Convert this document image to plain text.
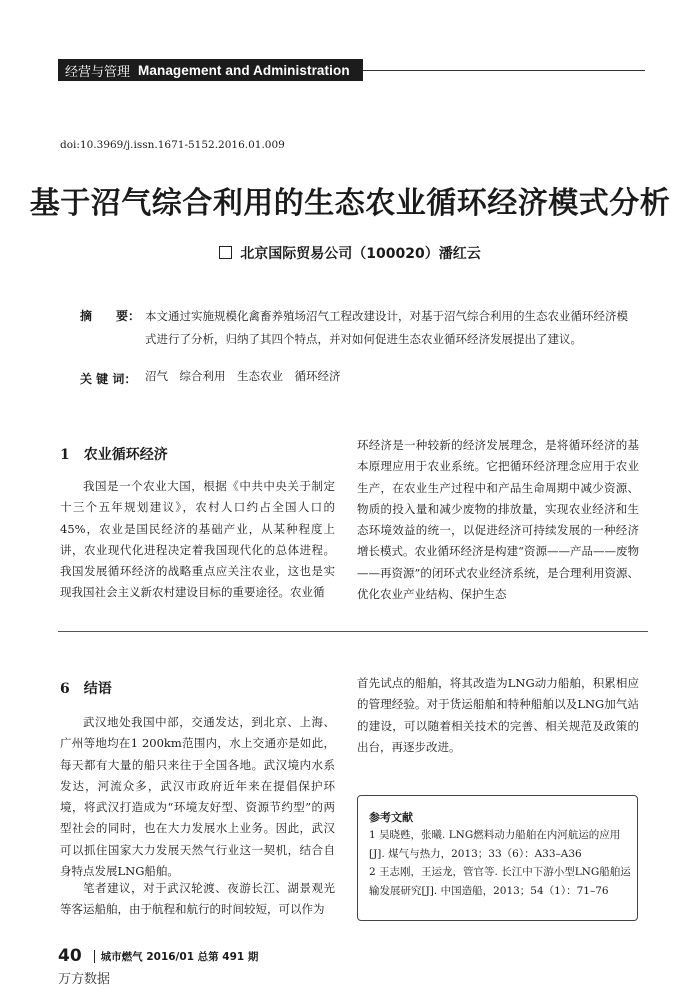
经营与管理 Management and Administration
doi:10.3969/j.issn.1671-5152.2016.01.009
基于沼气综合利用的生态农业循环经济模式分析
北京国际贸易公司（100020）潘红云
摘　　要： 本文通过实施规模化禽畜养殖场沼气工程改建设计，对基于沼气综合利用的生态农业循环经济模式进行了分析，归纳了其四个特点，并对如何促进生态农业循环经济发展提出了建议。
关 键 词： 沼气　综合利用　生态农业　循环经济
1　农业循环经济
我国是一个农业大国，根据《中共中央关于制定十三个五年规划建议》，农村人口约占全国人口的45%，农业是国民经济的基础产业，从某种程度上讲，农业现代化进程决定着我国现代化的总体进程。我国发展循环经济的战略重点应关注农业，这也是实现我国社会主义新农村建设目标的重要途径。农业循
环经济是一种较新的经济发展理念，是将循环经济的基本原理应用于农业系统。它把循环经济理念应用于农业生产，在农业生产过程中和产品生命周期中减少资源、物质的投入量和减少废物的排放量，实现农业经济和生态环境效益的统一，以促进经济可持续发展的一种经济增长模式。农业循环经济是构建“资源——产品——废物——再资源”的闭环式农业经济系统，是合理利用资源、优化农业产业结构、保护生态
6　结语
武汉地处我国中部，交通发达，到北京、上海、广州等地均在1 200km范围内，水上交通亦是如此，每天都有大量的船只来往于全国各地。武汉境内水系发达，河流众多，武汉市政府近年来在提倡保护环境，将武汉打造成为“环境友好型、资源节约型”的两型社会的同时，也在大力发展水上业务。因此，武汉可以抓住国家大力发展天然气行业这一契机，结合自身特点发展LNG船舶。
笔者建议，对于武汉轮渡、夜游长江、湖景观光等客运船舶，由于航程和航行的时间较短，可以作为
首先试点的船舶，将其改造为LNG动力船舶，积累相应的管理经验。对于货运船舶和特种船舶以及LNG加气站的建设，可以随着相关技术的完善、相关规范及政策的出台，再逐步改进。
参考文献
1 吴晓甦，张曦. LNG燃料动力船舶在内河航运的应用[J]. 煤气与热力，2013；33（6）：A33–A36
2 王志刚，王运龙，管官等. 长江中下游小型LNG船舶运输发展研究[J]. 中国造船，2013；54（1）：71–76
40 城市燃气 2016/01 总第 491 期
万方数据
